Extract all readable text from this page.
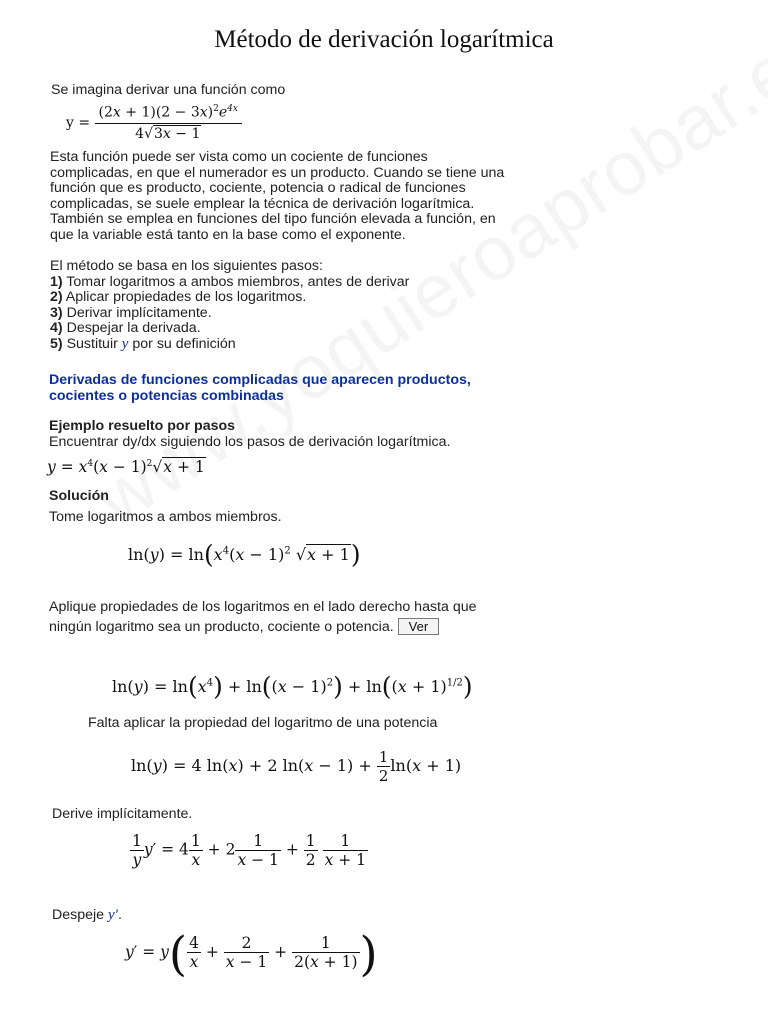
Método de derivación logarítmica
Se imagina derivar una función como
$y = \frac{(2x + 1)(2 - 3x)^2e^{4x}}{4√3x - 1}$
Esta función puede ser vista como un cociente de funciones
complicadas, en que el numerador es un producto. Cuando se tiene una
función que es producto, cociente, potencia o radical de funciones
complicadas, se suele emplear la técnica de derivación logarítmica.
También se emplea en funciones del tipo función elevada a función, en
que la variable está tanto en la base como el exponente.
El método se basa en los siguientes pasos:
1) Tomar logaritmos a ambos miembros, antes de derivar
2) Aplicar propiedades de los logaritmos.
3) Derivar implícitamente.
4) Despejar la derivada.
5) Sustituir y por su definición
Derivadas de funciones complicadas que aparecen productos,
cocientes o potencias combinadas
Ejemplo resuelto por pasos
Encuentrar dy/dx siguiendo los pasos de derivación logarítmica.
$y = x^4(x - 1)^2√x + 1$
Solución
Tome logaritmos a ambos miembros.
$\ln(y) = \ln(x^4(x - 1)^2$ √x + 1)
Aplique propiedades de los logaritmos en el lado derecho hasta que
ningún logaritmo sea un producto, cociente o potencia. Ver
$\ln(y) = \ln(x^4) + \ln((x - 1)^2) + \ln((x + 1)^{1/2})$
Falta aplicar la propiedad del logaritmo de una potencia
ln(y) = 4 ln(x) + 2 $\ln(x - 1) + \frac{1}{2} \ln(x + 1)$
Derive implícitamente.
$\frac{1}{y} y' = 4 \frac{1}{x} + 2 \frac{1}{x - 1} + \frac{1}{2}$
$\frac{1}{x + 1}$
Despeje y′.
$y' = y( \frac{4}{x} + \frac{2}{x - 1} + \frac{1}{2(x + 1)}$ )
